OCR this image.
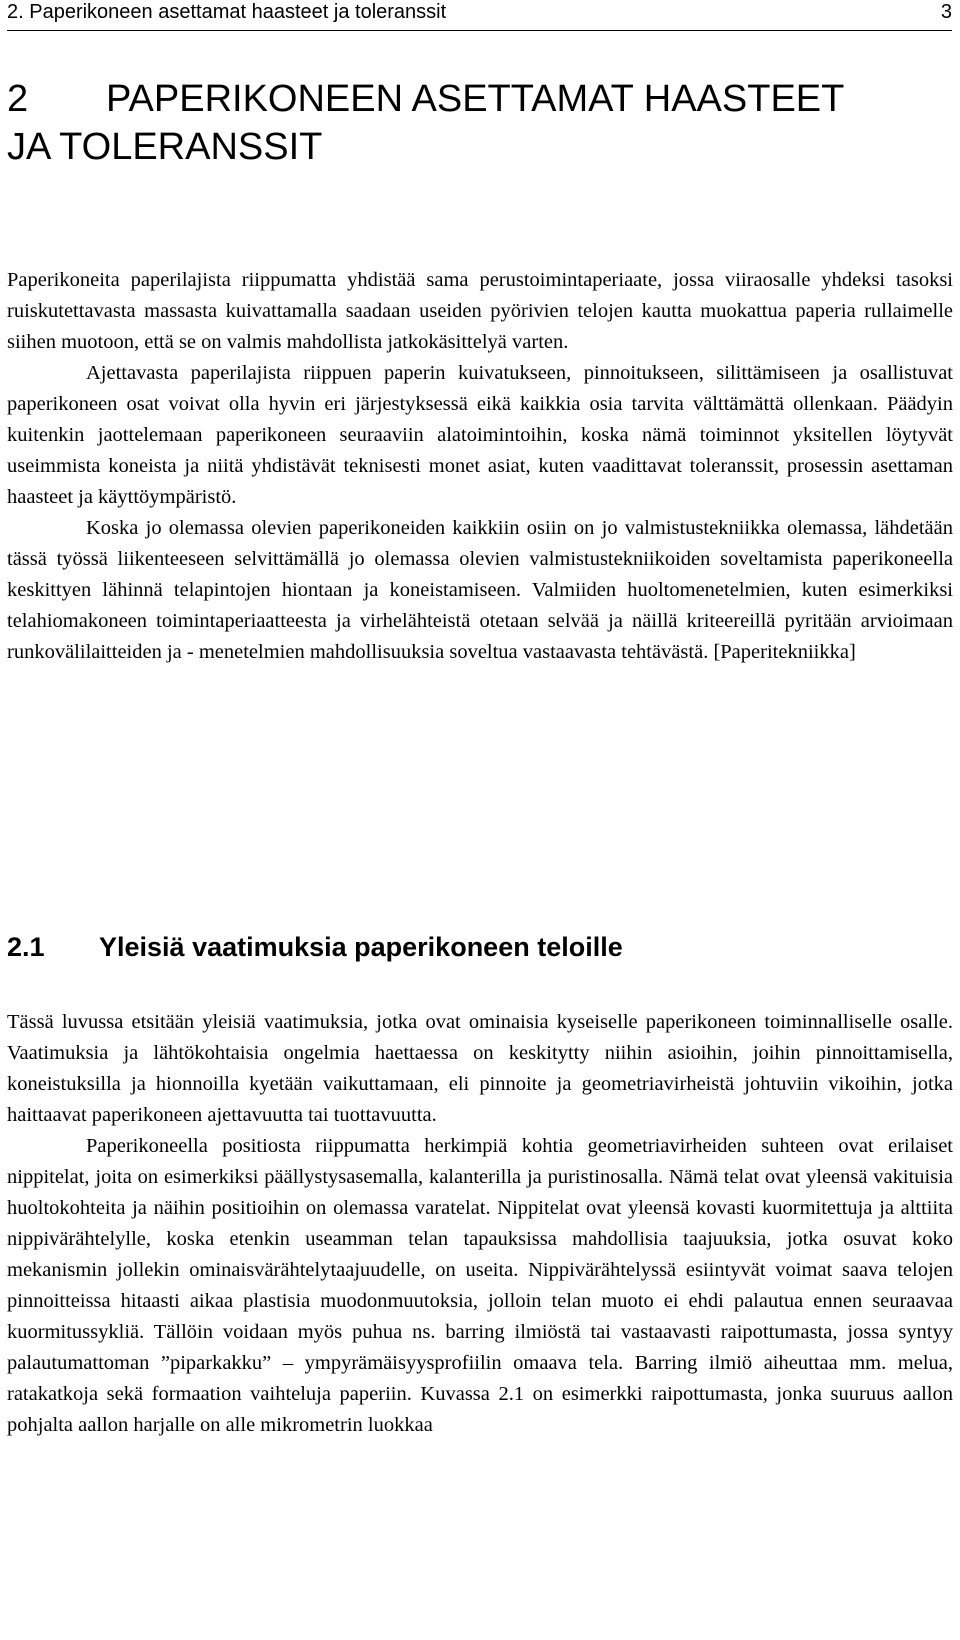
2. Paperikoneen asettamat haasteet ja toleranssit	3
2 PAPERIKONEEN ASETTAMAT HAASTEET
JA TOLERANSSIT

Paperikoneita paperilajista riippumatta yhdistää sama perustoimintaperiaate, jossa viiraosalle yhdeksi tasoksi ruiskutettavasta massasta kuivattamalla saadaan useiden pyörivien telojen kautta muokattua paperia rullaimelle siihen muotoon, että se on valmis mahdollista jatkokäsittelyä varten.

Ajettavasta paperilajista riippuen paperin kuivatukseen, pinnoitukseen, silittämiseen ja osallistuvat paperikoneen osat voivat olla hyvin eri järjestyksessä eikä kaikkia osia tarvita välttämättä ollenkaan. Päädyin kuitenkin jaottelemaan paperikoneen seuraaviin alatoimintoihin, koska nämä toiminnot yksitellen löytyvät useimmista koneista ja niitä yhdistävät teknisesti monet asiat, kuten vaadittavat toleranssit, prosessin asettaman haasteet ja käyttöympäristö.

Koska jo olemassa olevien paperikoneiden kaikkiin osiin on jo valmistustekniikka olemassa, lähdetään tässä työssä liikenteeseen selvittämällä jo olemassa olevien valmistustekniikoiden soveltamista paperikoneella keskittyen lähinnä telapintojen hiontaan ja koneistamiseen. Valmiiden huoltomenetelmien, kuten esimerkiksi telahiomakoneen toimintaperiaatteesta ja virhelähteistä otetaan selvää ja näillä kriteereillä pyritään arvioimaan runkovälilaitteiden ja - menetelmien mahdollisuuksia soveltua vastaavasta tehtävästä. [Paperitekniikka]

2.1 Yleisiä vaatimuksia paperikoneen teloille

Tässä luvussa etsitään yleisiä vaatimuksia, jotka ovat ominaisia kyseiselle paperikoneen toiminnalliselle osalle. Vaatimuksia ja lähtökohtaisia ongelmia haettaessa on keskitytty niihin asioihin, joihin pinnoittamisella, koneistuksilla ja hionnoilla kyetään vaikuttamaan, eli pinnoite ja geometriavirheistä johtuviin vikoihin, jotka haittaavat paperikoneen ajettavuutta tai tuottavuutta.

Paperikoneella positiosta riippumatta herkimpiä kohtia geometriavirheiden suhteen ovat erilaiset nippitelat, joita on esimerkiksi päällystysasemalla, kalanterilla ja puristinosalla. Nämä telat ovat yleensä vakituisia huoltokohteita ja näihin positioihin on olemassa varatelat. Nippitelat ovat yleensä kovasti kuormitettuja ja alttiita nippivärähtelylle, koska etenkin useamman telan tapauksissa mahdollisia taajuuksia, jotka osuvat koko mekanismin jollekin ominaisvärähtelytaajuudelle, on useita. Nippivärähtelyssä esiintyvät voimat saava telojen pinnoitteissa hitaasti aikaa plastisia muodonmuutoksia, jolloin telan muoto ei ehdi palautua ennen seuraavaa kuormitussykliä. Tällöin voidaan myös puhua ns. barring ilmiöstä tai vastaavasti raipottumasta, jossa syntyy palautumattoman ”piparkakku” – ympyrämäisyysprofiilin omaava tela. Barring ilmiö aiheuttaa mm. melua, ratakatkoja sekä formaation vaihteluja paperiin. Kuvassa 2.1 on esimerkki raipottumasta, jonka suuruus aallon pohjalta aallon harjalle on alle mikrometrin luokkaa
